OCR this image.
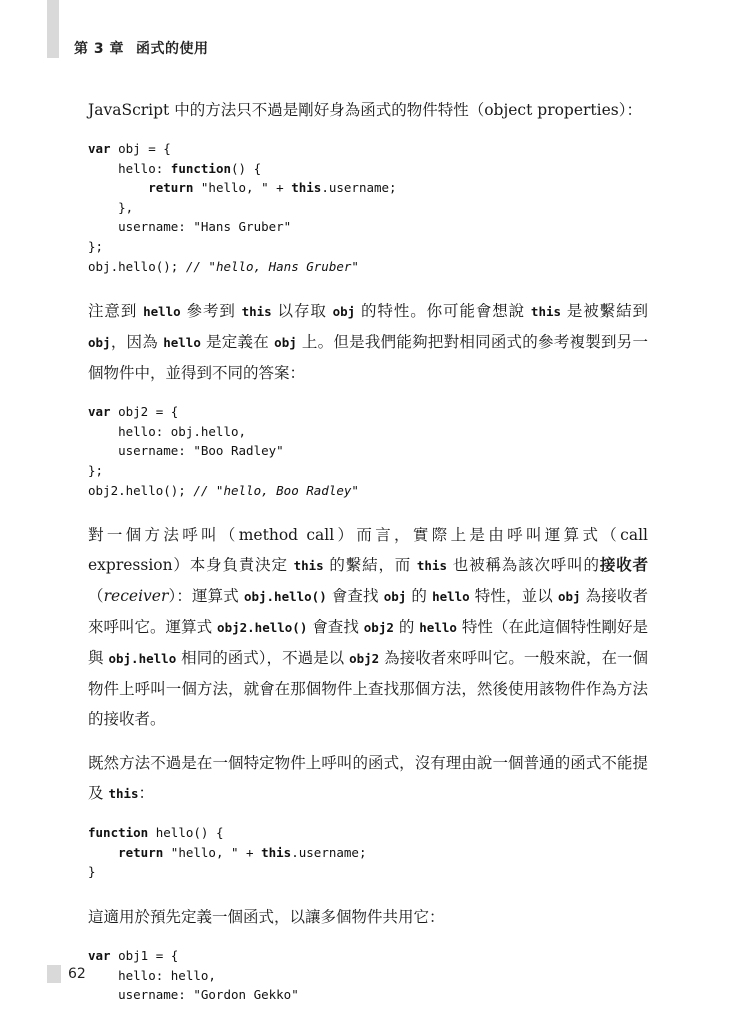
第 3 章 函式的使用

JavaScript 中的方法只不過是剛好身為函式的物件特性（object properties）：

var obj = {
hello: function() {
return "hello, " + this.username;
},
username: "Hans Gruber"
};
obj.hello(); // "hello, Hans Gruber"

注意到 hello 參考到 this 以存取 obj 的特性。你可能會想說 this 是被繫結到 obj，因為 hello 是定義在 obj 上。但是我們能夠把對相同函式的參考複製到另一個物件中，並得到不同的答案：

var obj2 = {
hello: obj.hello,
username: "Boo Radley"
};
obj2.hello(); // "hello, Boo Radley"

對一個方法呼叫（method call）而言，實際上是由呼叫運算式（call expression）本身負責決定 this 的繫結，而 this 也被稱為該次呼叫的接收者（receiver）：運算式 obj.hello() 會查找 obj 的 hello 特性，並以 obj 為接收者來呼叫它。運算式 obj2.hello() 會查找 obj2 的 hello 特性（在此這個特性剛好是與 obj.hello 相同的函式），不過是以 obj2 為接收者來呼叫它。一般來說，在一個物件上呼叫一個方法，就會在那個物件上查找那個方法，然後使用該物件作為方法的接收者。

既然方法不過是在一個特定物件上呼叫的函式，沒有理由說一個普通的函式不能提及 this：

function hello() {
return "hello, " + this.username;
}

這適用於預先定義一個函式，以讓多個物件共用它：

var obj1 = {
hello: hello,
username: "Gordon Gekko"
62
